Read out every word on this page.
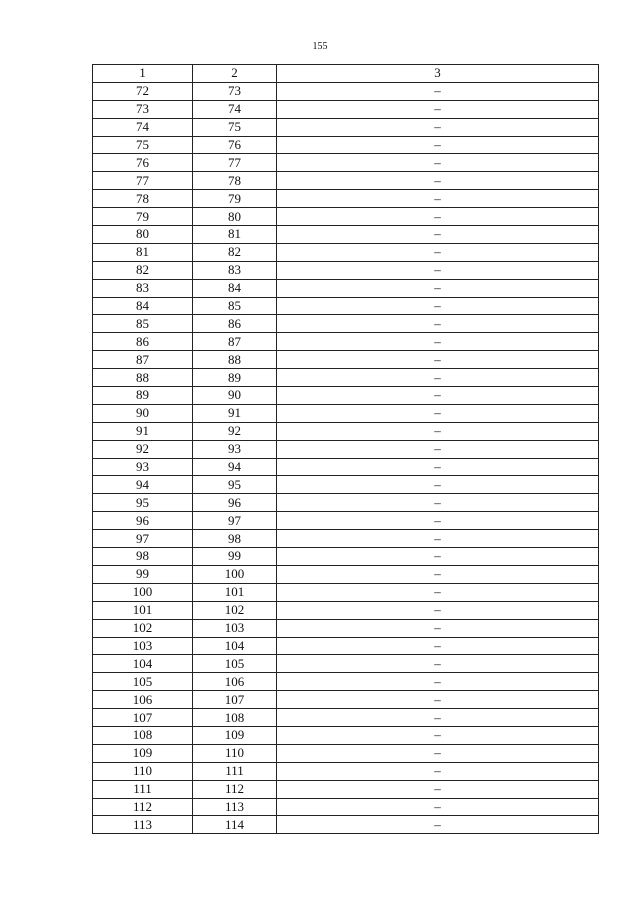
155
1	2	3
72	73	–
73	74	–
74	75	–
75	76	–
76	77	–
77	78	–
78	79	–
79	80	–
80	81	–
81	82	–
82	83	–
83	84	–
84	85	–
85	86	–
86	87	–
87	88	–
88	89	–
89	90	–
90	91	–
91	92	–
92	93	–
93	94	–
94	95	–
95	96	–
96	97	–
97	98	–
98	99	–
99	100	–
100	101	–
101	102	–
102	103	–
103	104	–
104	105	–
105	106	–
106	107	–
107	108	–
108	109	–
109	110	–
110	111	–
111	112	–
112	113	–
113	114	–
